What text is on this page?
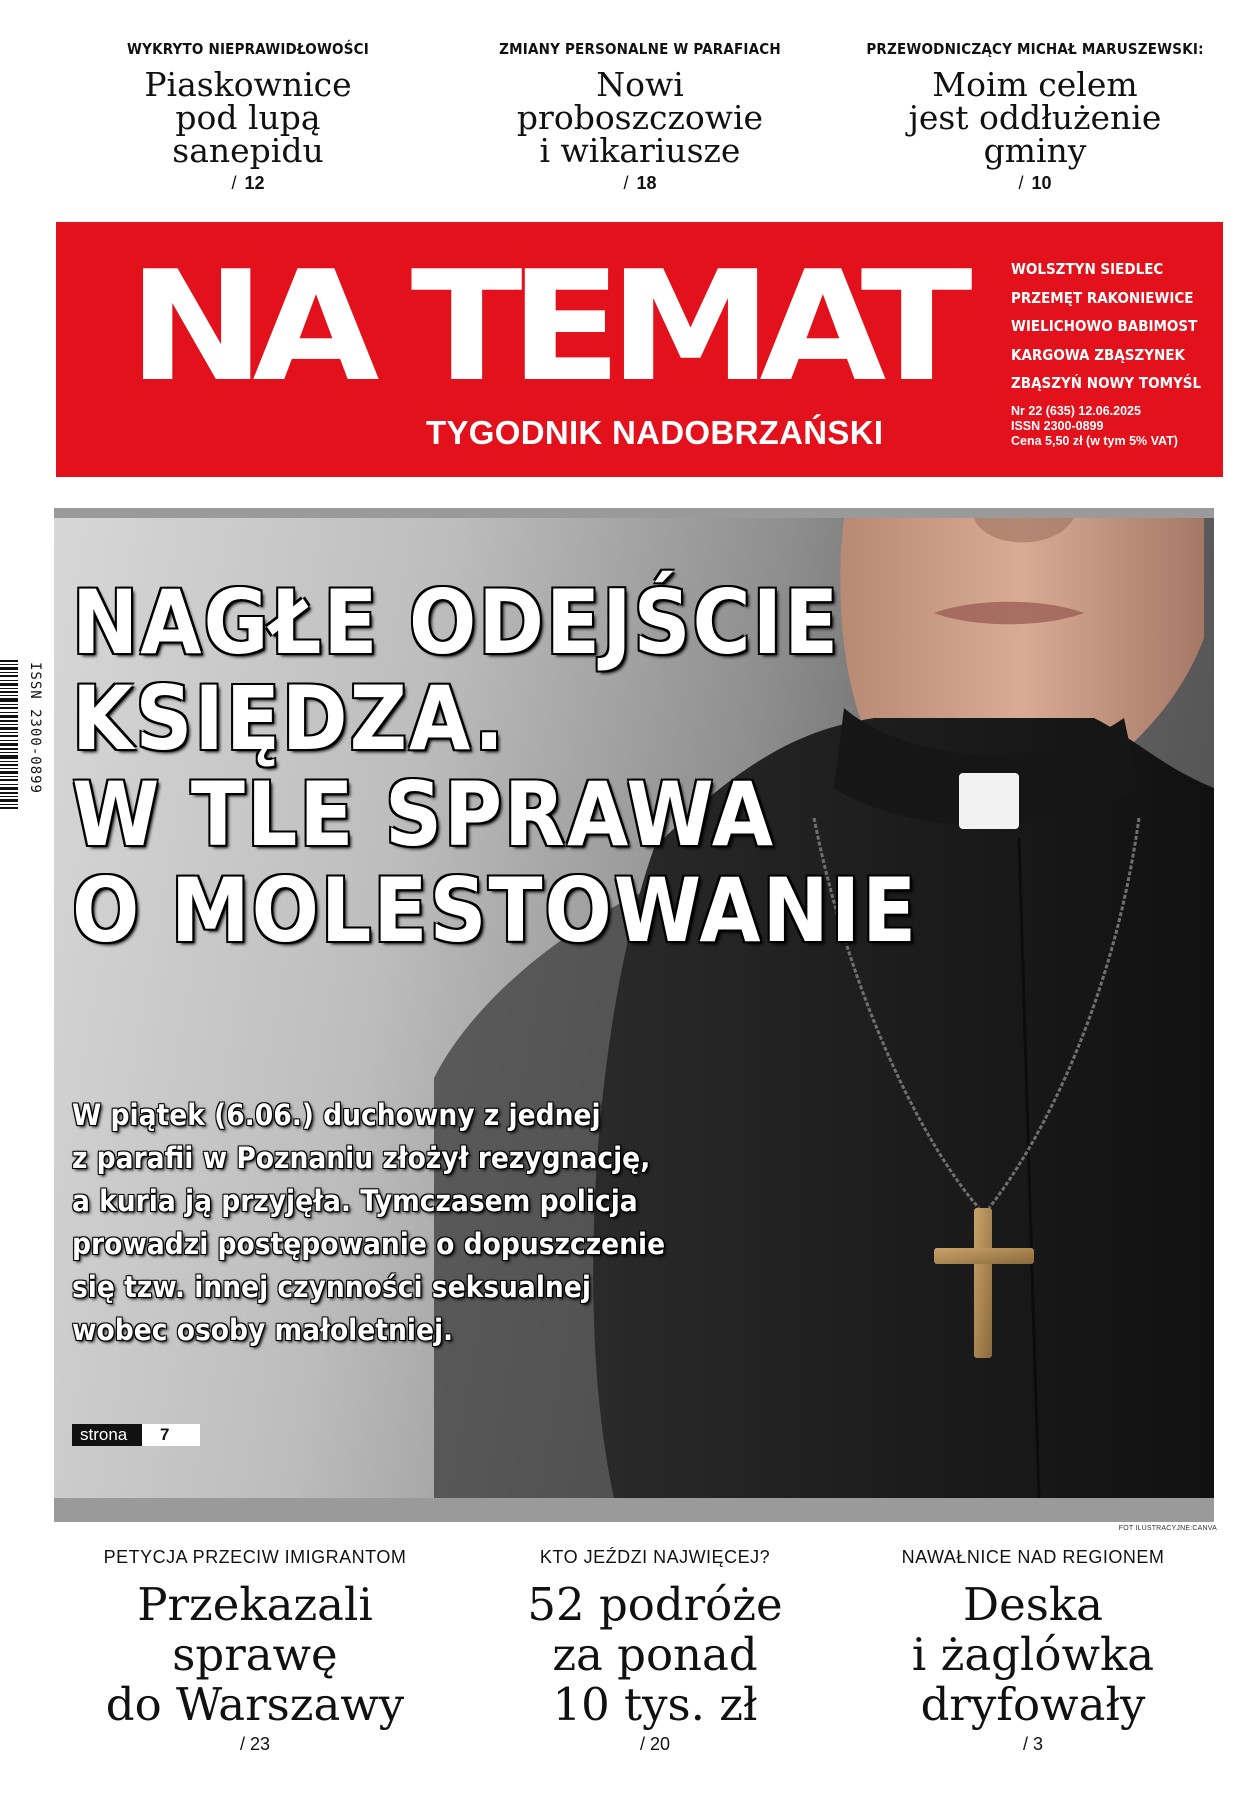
WYKRYTO NIEPRAWIDŁOWOŚCI
Piaskownice
pod lupą
sanepidu
/ 12
ZMIANY PERSONALNE W PARAFIACH
Nowi
proboszczowie
i wikariusze
/ 18
PRZEWODNICZĄCY MICHAŁ MARUSZEWSKI:
Moim celem
jest oddłużenie
gminy
/ 10
NA TEMAT
TYGODNIK NADOBRZAŃSKI
WOLSZTYN SIEDLEC
PRZEMĘT RAKONIEWICE
WIELICHOWO BABIMOST
KARGOWA ZBĄSZYNEK
ZBĄSZYŃ NOWY TOMYŚL
Nr 22 (635) 12.06.2025
ISSN 2300-0899
Cena 5,50 zł (w tym 5% VAT)
NAGŁE ODEJŚCIE
KSIĘDZA.
W TLE SPRAWA
O MOLESTOWANIE
W piątek (6.06.) duchowny z jednej
z parafii w Poznaniu złożył rezygnację,
a kuria ją przyjęła. Tymczasem policja
prowadzi postępowanie o dopuszczenie
się tzw. innej czynności seksualnej
wobec osoby małoletniej.
strona	7
FOT ILUSTRACYJNE:CANVA
ISSN 2300-0899
PETYCJA PRZECIW IMIGRANTOM
Przekazali
sprawę
do Warszawy
/ 23
KTO JEŹDZI NAJWIĘCEJ?
52 podróże
za ponad
10 tys. zł
/ 20
NAWAŁNICE NAD REGIONEM
Deska
i żaglówka
dryfowały
/ 3
